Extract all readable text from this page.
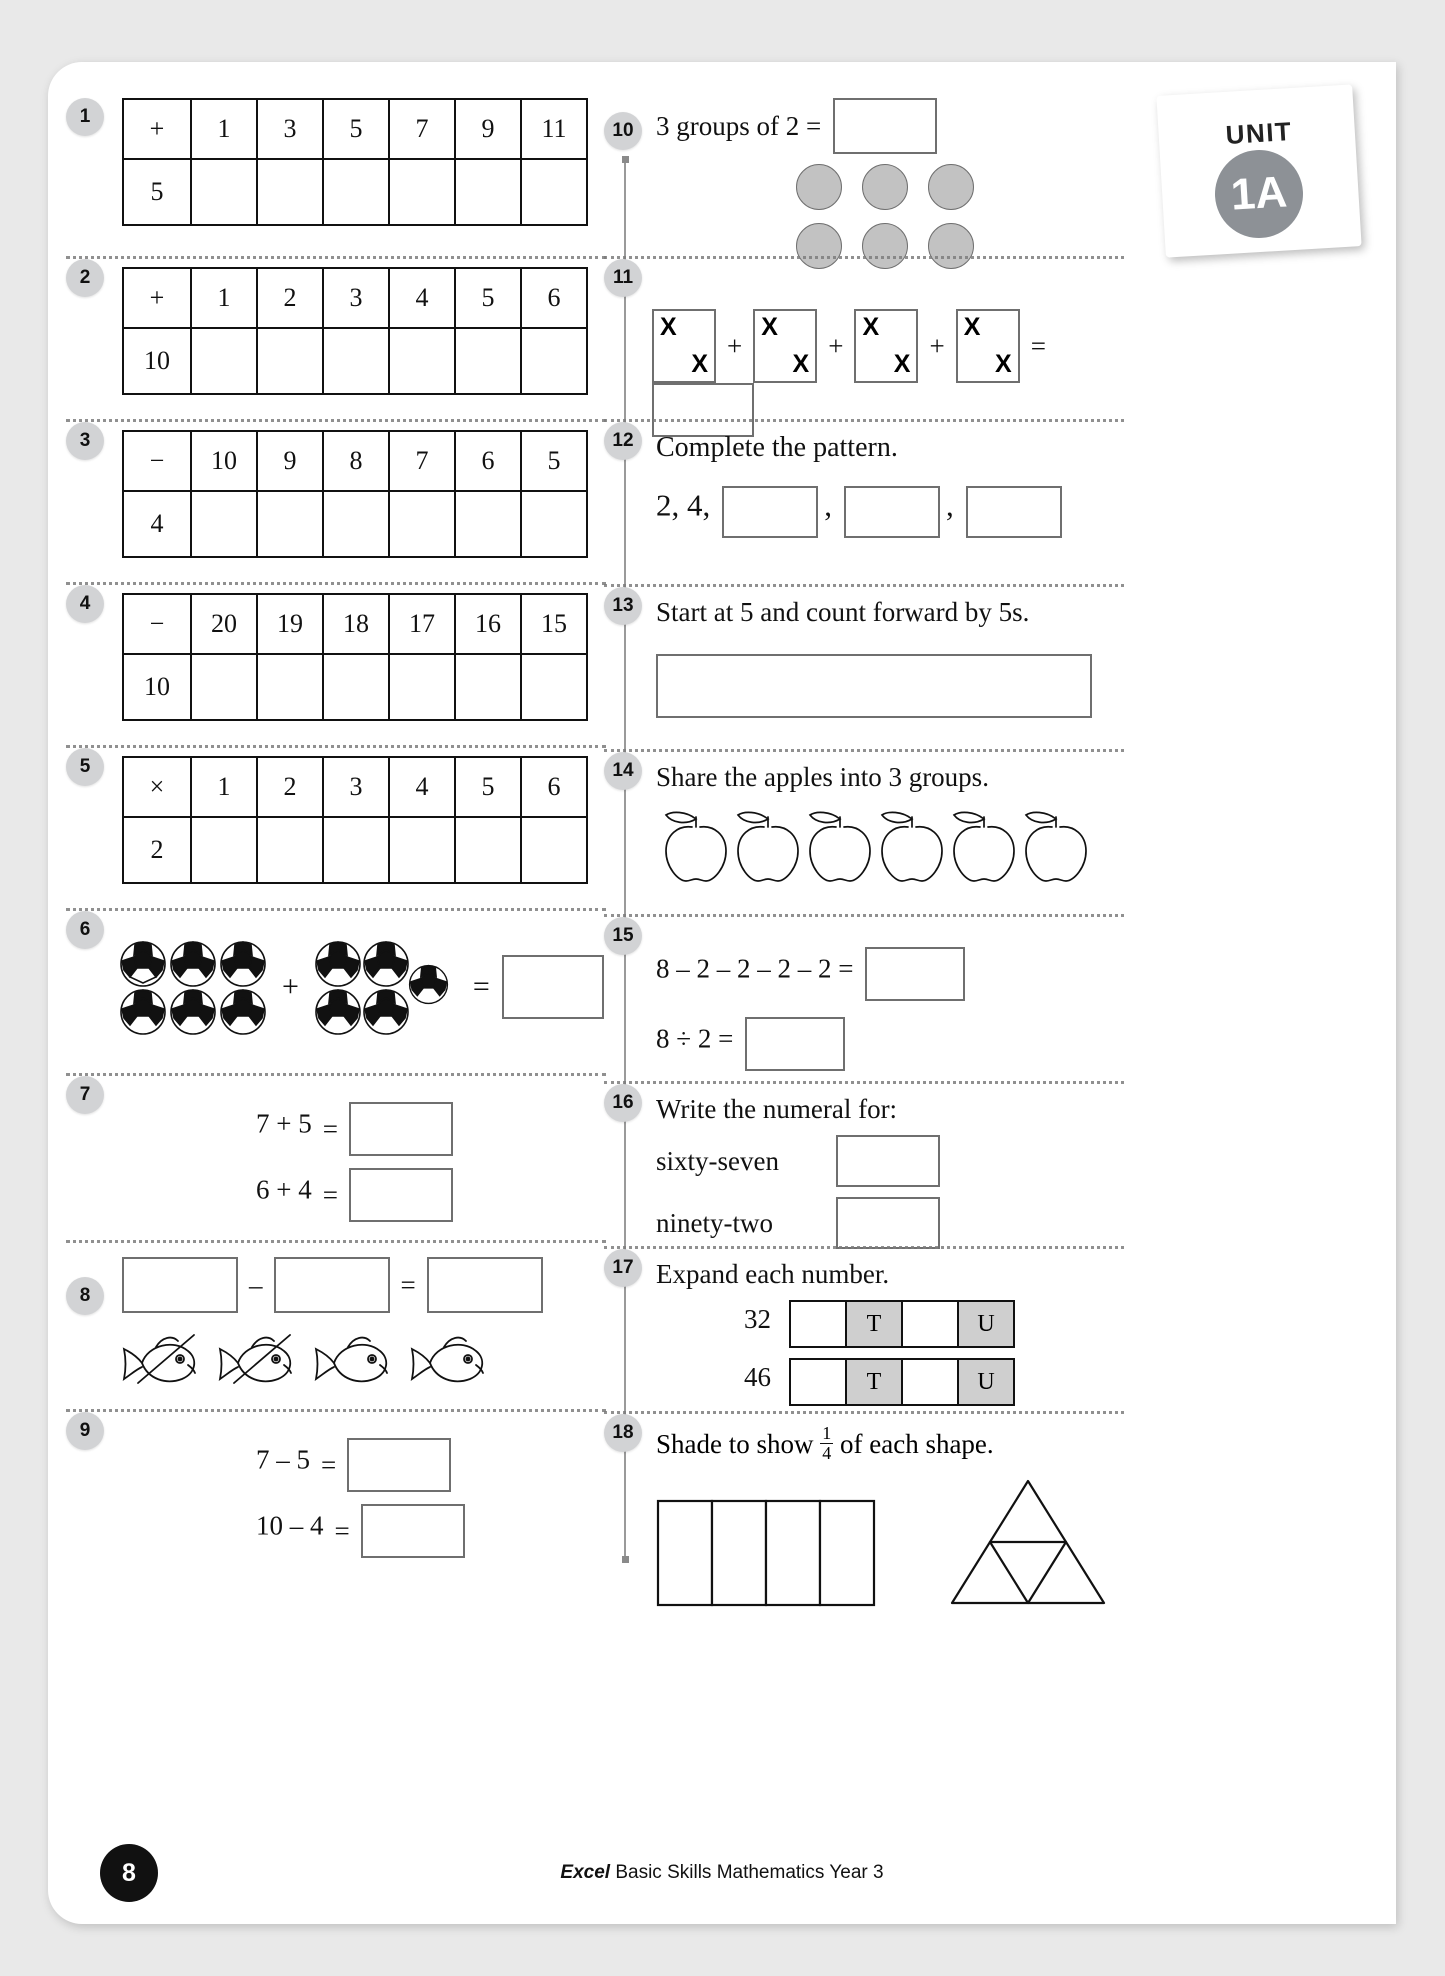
UNIT
1A
1	+	1	3	5	7	9	11
5						
2
+	1	2	3	4	5	6
10						
3
−	10	9	8	7	6	5
4						
4
−	20	19	18	17	16	15
10						
5
×	1	2	3	4	5	6
2						
6
+	=
7
7 + 5 =
6 + 4 =
8	–	=
9
7 – 5 =
10 – 4 =
10 3 groups of 2 =

11
X
X
+
X
X
+
X
X
+
X
X
=
12 Complete the pattern.
2, 4,	,	,
13 Start at 5 and count forward by 5s.
14 Share the apples into 3 groups.
15
8 – 2 – 2 – 2 – 2 =
8 ÷ 2 =
16 Write the numeral for:
sixty-seven
ninety-two
17 Expand each number.
32		T		U
46		T		U
18 Shade to show $\frac{1}{4}$ of each shape.
8	Excel Basic Skills Mathematics Year 3
